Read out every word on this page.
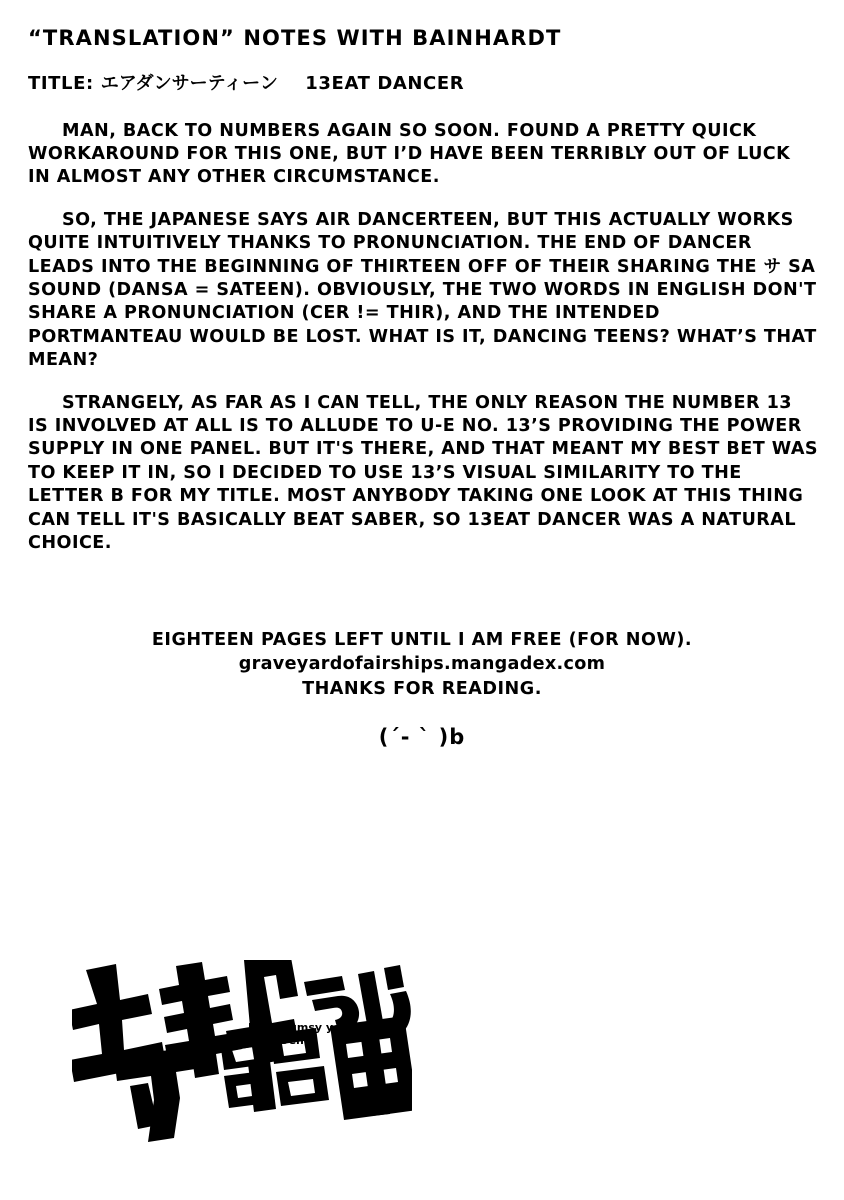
“TRANSLATION” NOTES WITH BAINHARDT

TITLE: エアダンサーティーン 13EAT DANCER

MAN, BACK TO NUMBERS AGAIN SO SOON. FOUND A PRETTY QUICK WORKAROUND FOR THIS ONE, BUT I’D HAVE BEEN TERRIBLY OUT OF LUCK IN ALMOST ANY OTHER CIRCUMSTANCE.

SO, THE JAPANESE SAYS AIR DANCERTEEN, BUT THIS ACTUALLY WORKS QUITE INTUITIVELY THANKS TO PRONUNCIATION. THE END OF DANCER LEADS INTO THE BEGINNING OF THIRTEEN OFF OF THEIR SHARING THE サ SA SOUND (DANSA = SATEEN). OBVIOUSLY, THE TWO WORDS IN ENGLISH DON'T SHARE A PRONUNCIATION (CER != THIR), AND THE INTENDED PORTMANTEAU WOULD BE LOST. WHAT IS IT, DANCING TEENS? WHAT’S THAT MEAN?

STRANGELY, AS FAR AS I CAN TELL, THE ONLY REASON THE NUMBER 13 IS INVOLVED AT ALL IS TO ALLUDE TO U-E NO. 13’S PROVIDING THE POWER SUPPLY IN ONE PANEL. BUT IT'S THERE, AND THAT MEANT MY BEST BET WAS TO KEEP IT IN, SO I DECIDED TO USE 13’S VISUAL SIMILARITY TO THE LETTER B FOR MY TITLE. MOST ANYBODY TAKING ONE LOOK AT THIS THING CAN TELL IT'S BASICALLY BEAT SABER, SO 13EAT DANCER WAS A NATURAL CHOICE.

EIGHTEEN PAGES LEFT UNTIL I AM FREE (FOR NOW).
graveyardofairships.mangadex.com
THANKS FOR READING.
(´- ` )b
How clumsy you are,
Miss Ueno.
